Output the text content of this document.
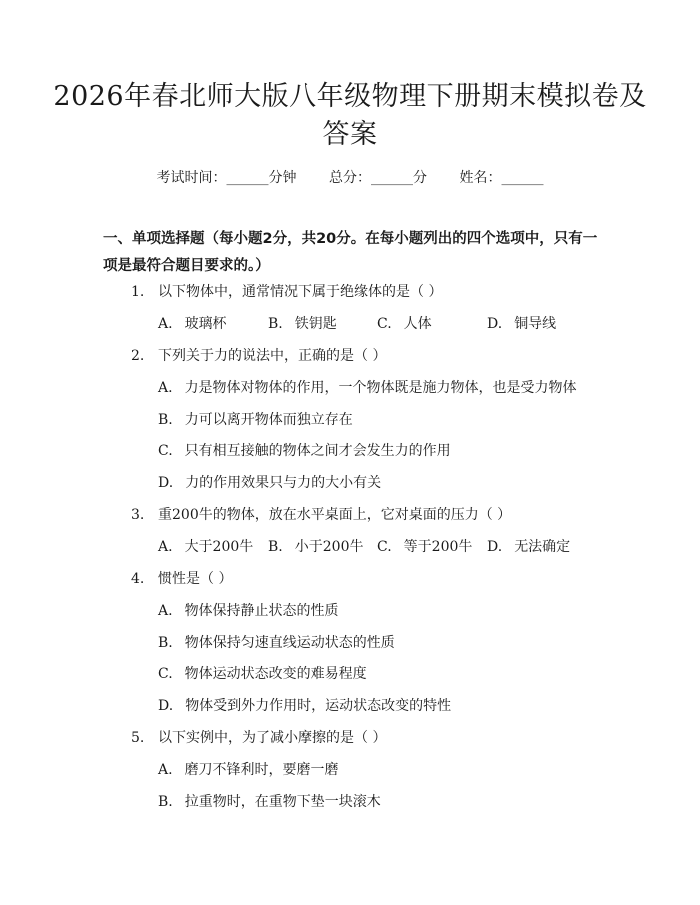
2026年春北师大版八年级物理下册期末模拟卷及答案
考试时间：______分钟 总分：______分 姓名：______

一、单项选择题（每小题2分，共20分。在每小题列出的四个选项中，只有一项是最符合题目要求的。）

1. 以下物体中，通常情况下属于绝缘体的是（ ）
A. 玻璃杯	B. 铁钥匙	C. 人体	D. 铜导线
2. 下列关于力的说法中，正确的是（ ）
A. 力是物体对物体的作用，一个物体既是施力物体，也是受力物体
B. 力可以离开物体而独立存在
C. 只有相互接触的物体之间才会发生力的作用
D. 力的作用效果只与力的大小有关
3. 重200牛的物体，放在水平桌面上，它对桌面的压力（ ）
A. 大于200牛 B. 小于200牛 C. 等于200牛 D. 无法确定
4. 惯性是（ ）
A. 物体保持静止状态的性质
B. 物体保持匀速直线运动状态的性质
C. 物体运动状态改变的难易程度
D. 物体受到外力作用时，运动状态改变的特性
5. 以下实例中，为了减小摩擦的是（ ）
A. 磨刀不锋利时，要磨一磨
B. 拉重物时，在重物下垫一块滚木
